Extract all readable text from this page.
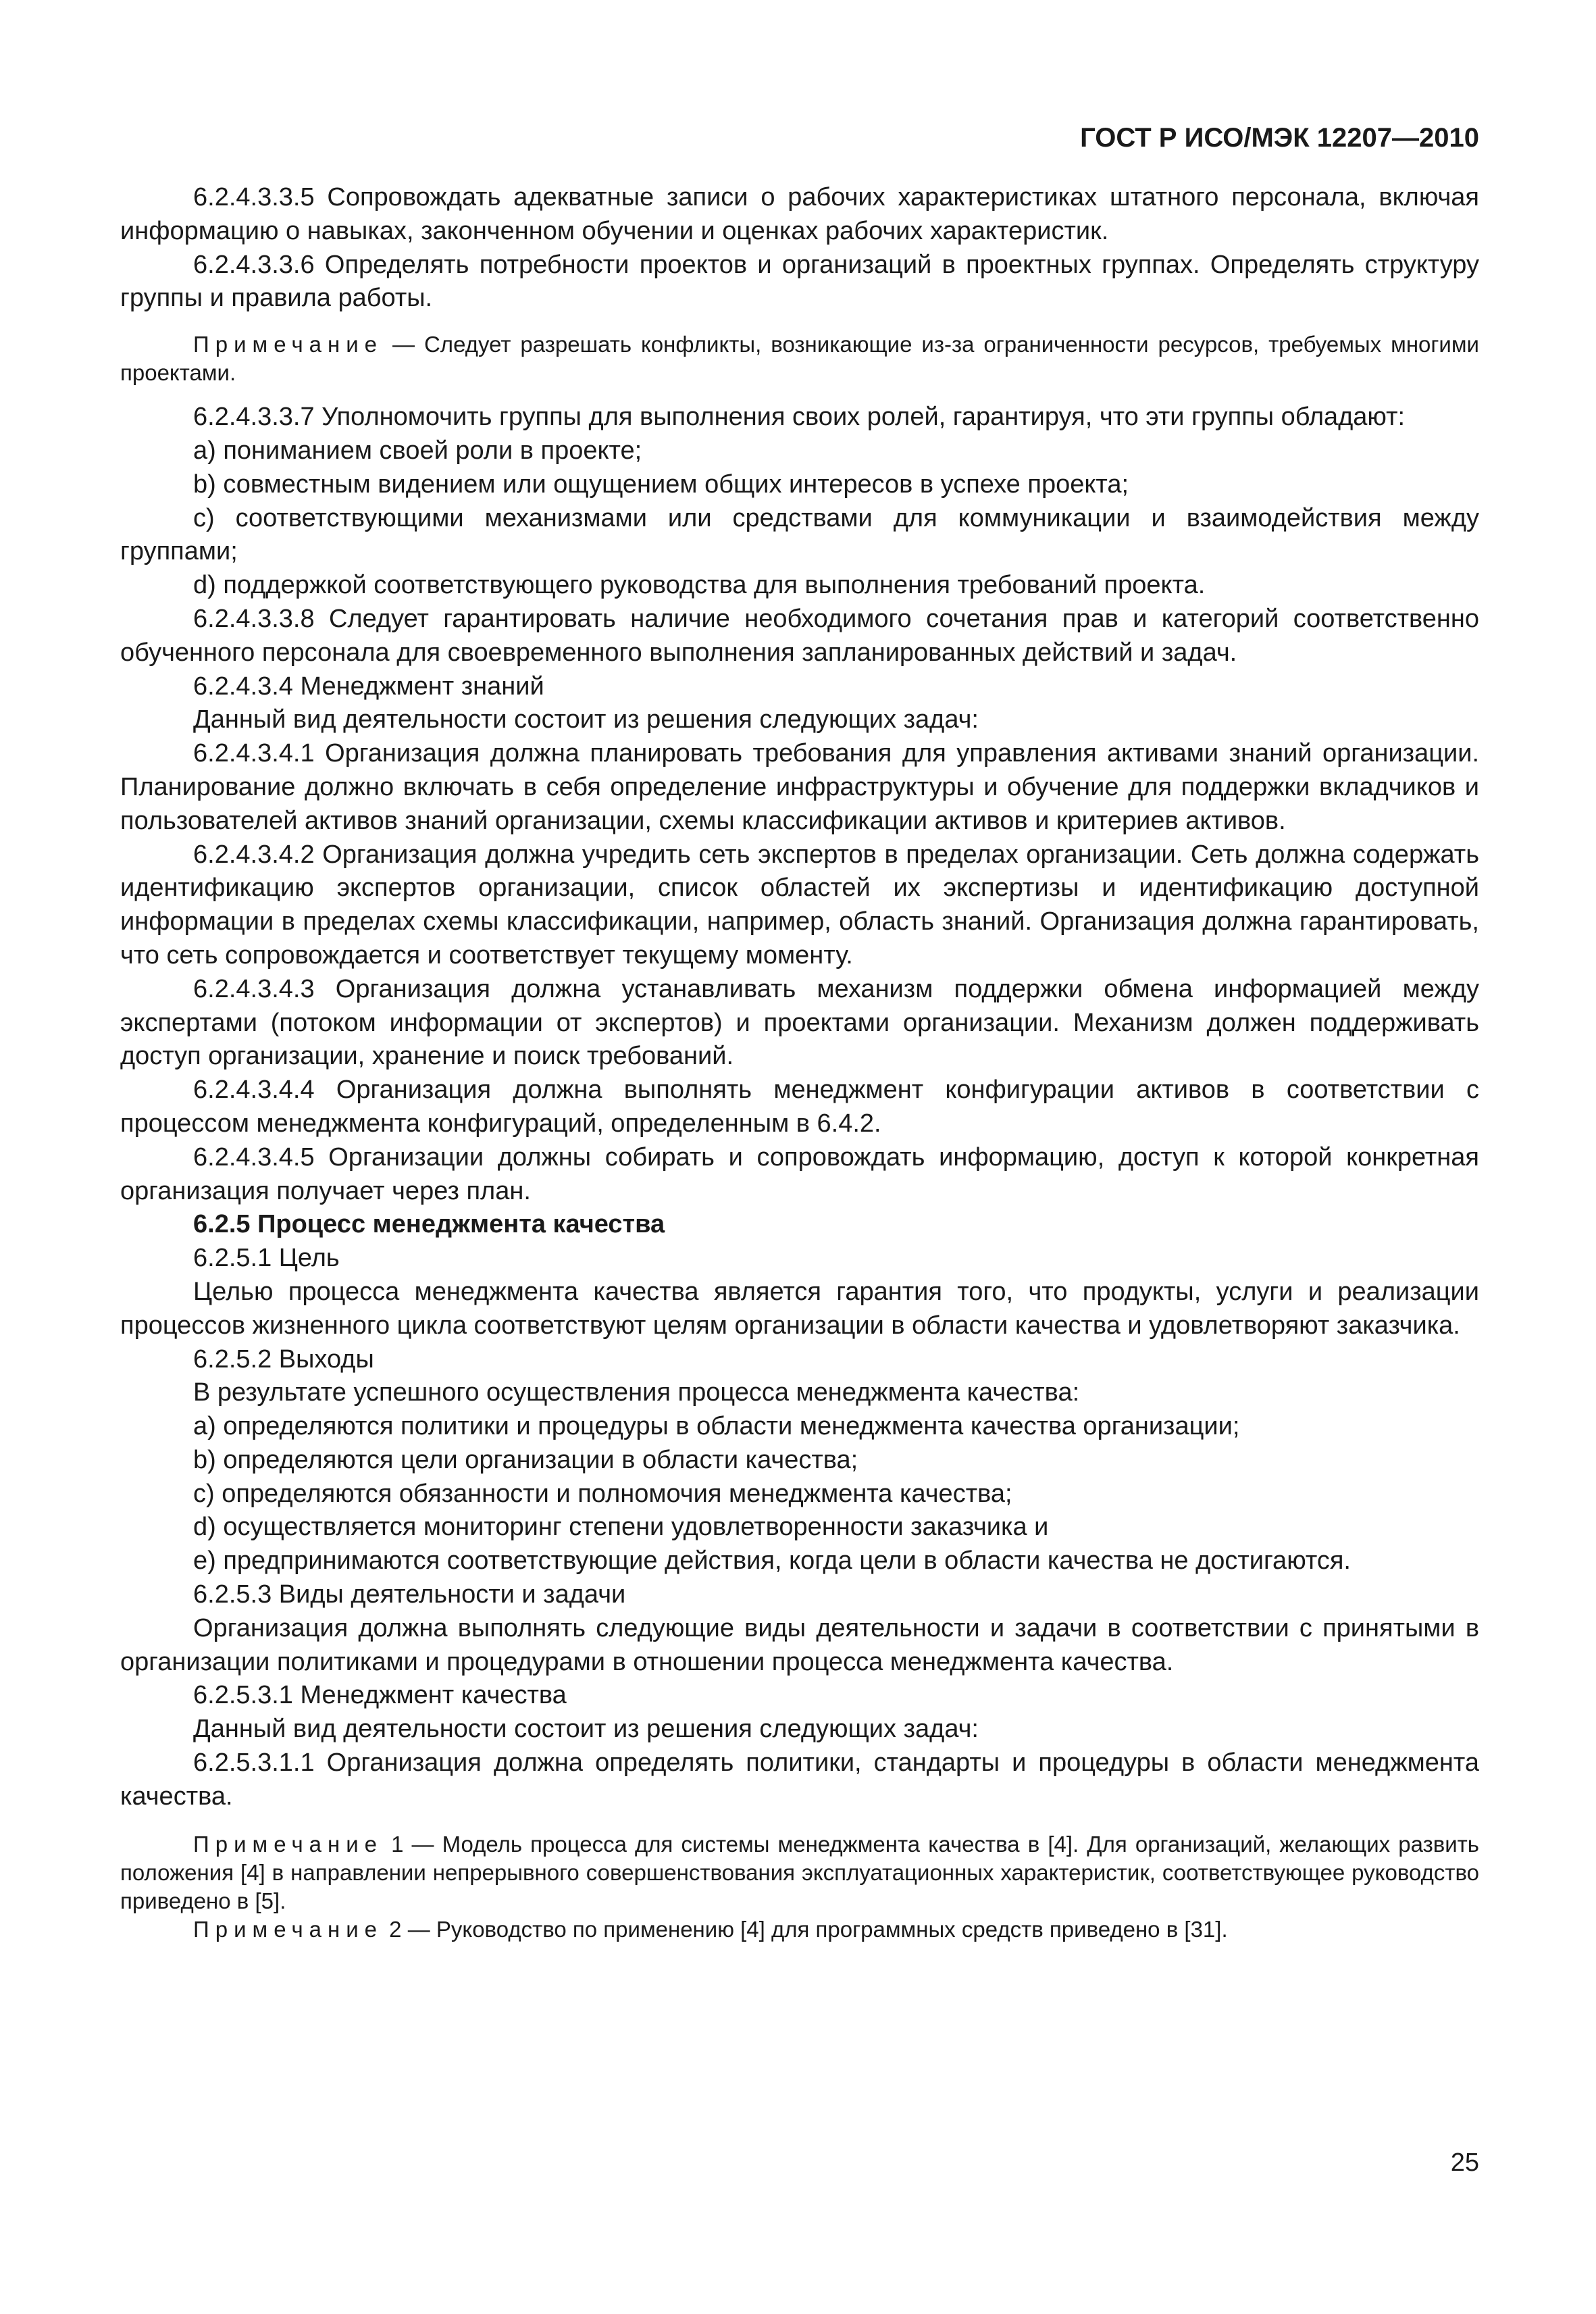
ГОСТ Р ИСО/МЭК 12207—2010

6.2.4.3.3.5 Сопровождать адекватные записи о рабочих характеристиках штатного персонала, включая информацию о навыках, законченном обучении и оценках рабочих характеристик.

6.2.4.3.3.6 Определять потребности проектов и организаций в проектных группах. Определять структуру группы и правила работы.

Примечание — Следует разрешать конфликты, возникающие из-за ограниченности ресурсов, требуемых многими проектами.

6.2.4.3.3.7 Уполномочить группы для выполнения своих ролей, гарантируя, что эти группы обладают:

a) пониманием своей роли в проекте;

b) совместным видением или ощущением общих интересов в успехе проекта;

c) соответствующими механизмами или средствами для коммуникации и взаимодействия между группами;

d) поддержкой соответствующего руководства для выполнения требований проекта.

6.2.4.3.3.8 Следует гарантировать наличие необходимого сочетания прав и категорий соответственно обученного персонала для своевременного выполнения запланированных действий и задач.

6.2.4.3.4 Менеджмент знаний

Данный вид деятельности состоит из решения следующих задач:

6.2.4.3.4.1 Организация должна планировать требования для управления активами знаний организации. Планирование должно включать в себя определение инфраструктуры и обучение для поддержки вкладчиков и пользователей активов знаний организации, схемы классификации активов и критериев активов.

6.2.4.3.4.2 Организация должна учредить сеть экспертов в пределах организации. Сеть должна содержать идентификацию экспертов организации, список областей их экспертизы и идентификацию доступной информации в пределах схемы классификации, например, область знаний. Организация должна гарантировать, что сеть сопровождается и соответствует текущему моменту.

6.2.4.3.4.3 Организация должна устанавливать механизм поддержки обмена информацией между экспертами (потоком информации от экспертов) и проектами организации. Механизм должен поддерживать доступ организации, хранение и поиск требований.

6.2.4.3.4.4 Организация должна выполнять менеджмент конфигурации активов в соответствии с процессом менеджмента конфигураций, определенным в 6.4.2.

6.2.4.3.4.5 Организации должны собирать и сопровождать информацию, доступ к которой конкретная организация получает через план.

6.2.5 Процесс менеджмента качества

6.2.5.1 Цель

Целью процесса менеджмента качества является гарантия того, что продукты, услуги и реализации процессов жизненного цикла соответствуют целям организации в области качества и удовлетворяют заказчика.

6.2.5.2 Выходы

В результате успешного осуществления процесса менеджмента качества:

a) определяются политики и процедуры в области менеджмента качества организации;

b) определяются цели организации в области качества;

c) определяются обязанности и полномочия менеджмента качества;

d) осуществляется мониторинг степени удовлетворенности заказчика и

e) предпринимаются соответствующие действия, когда цели в области качества не достигаются.

6.2.5.3 Виды деятельности и задачи

Организация должна выполнять следующие виды деятельности и задачи в соответствии с принятыми в организации политиками и процедурами в отношении процесса менеджмента качества.

6.2.5.3.1 Менеджмент качества

Данный вид деятельности состоит из решения следующих задач:

6.2.5.3.1.1 Организация должна определять политики, стандарты и процедуры в области менеджмента качества.

Примечание 1 — Модель процесса для системы менеджмента качества в [4]. Для организаций, желающих развить положения [4] в направлении непрерывного совершенствования эксплуатационных характеристик, соответствующее руководство приведено в [5].

Примечание 2 — Руководство по применению [4] для программных средств приведено в [31].

25
